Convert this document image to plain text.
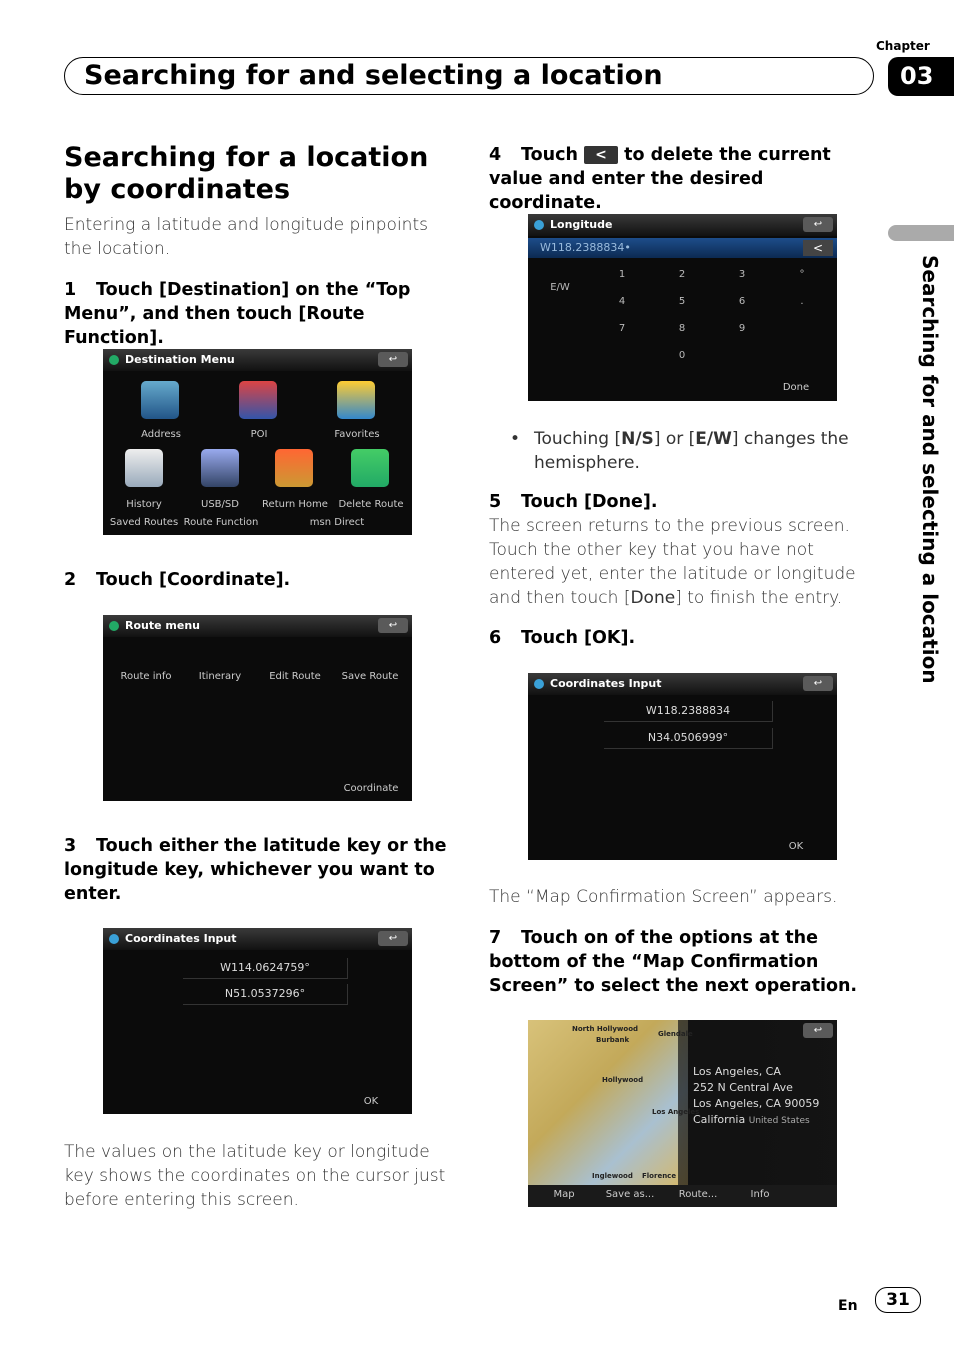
Chapter
03
Searching for and selecting a location
Searching for and selecting a location
Searching for a location by coordinates
Entering a latitude and longitude pinpoints the location.
1 Touch [Destination] on the “Top Menu”, and then touch [Route Function].
Destination Menu	↩
Address	POI	Favorites
History	USB/SD	Return Home	Delete Route
Saved Routes Route Function	msn Direct
2 Touch [Coordinate].
Route menu	↩
Route info	Itinerary	Edit Route	Save Route
Coordinate
3 Touch either the latitude key or the longitude key, whichever you want to enter.
Coordinates Input	↩
W114.0624759°
N51.0537296°
OK
The values on the latitude key or longitude key shows the coordinates on the cursor just before entering this screen.
4 Touch < to delete the current value and enter the desired coordinate.
Longitude	↩
W118.2388834•	<
E/W
1	2	3	°
4	5	6	.
7	8	9
0
Done
• Touching [N/S] or [E/W] changes the hemisphere.
5 Touch [Done].
The screen returns to the previous screen. Touch the other key that you have not entered yet, enter the latitude or longitude and then touch [Done] to finish the entry.
6 Touch [OK].
Coordinates Input	↩
W118.2388834
N34.0506999°
OK
The “Map Confirmation Screen” appears.
7 Touch on of the options at the bottom of the “Map Confirmation Screen” to select the next operation.
↩
North Hollywood
Burbank
Glendale
Hollywood
Los Angeles
Inglewood Florence
Los Angeles, CA
252 N Central Ave
Los Angeles, CA 90059
California United States
Map	Save as...	Route...	Info
En	31
